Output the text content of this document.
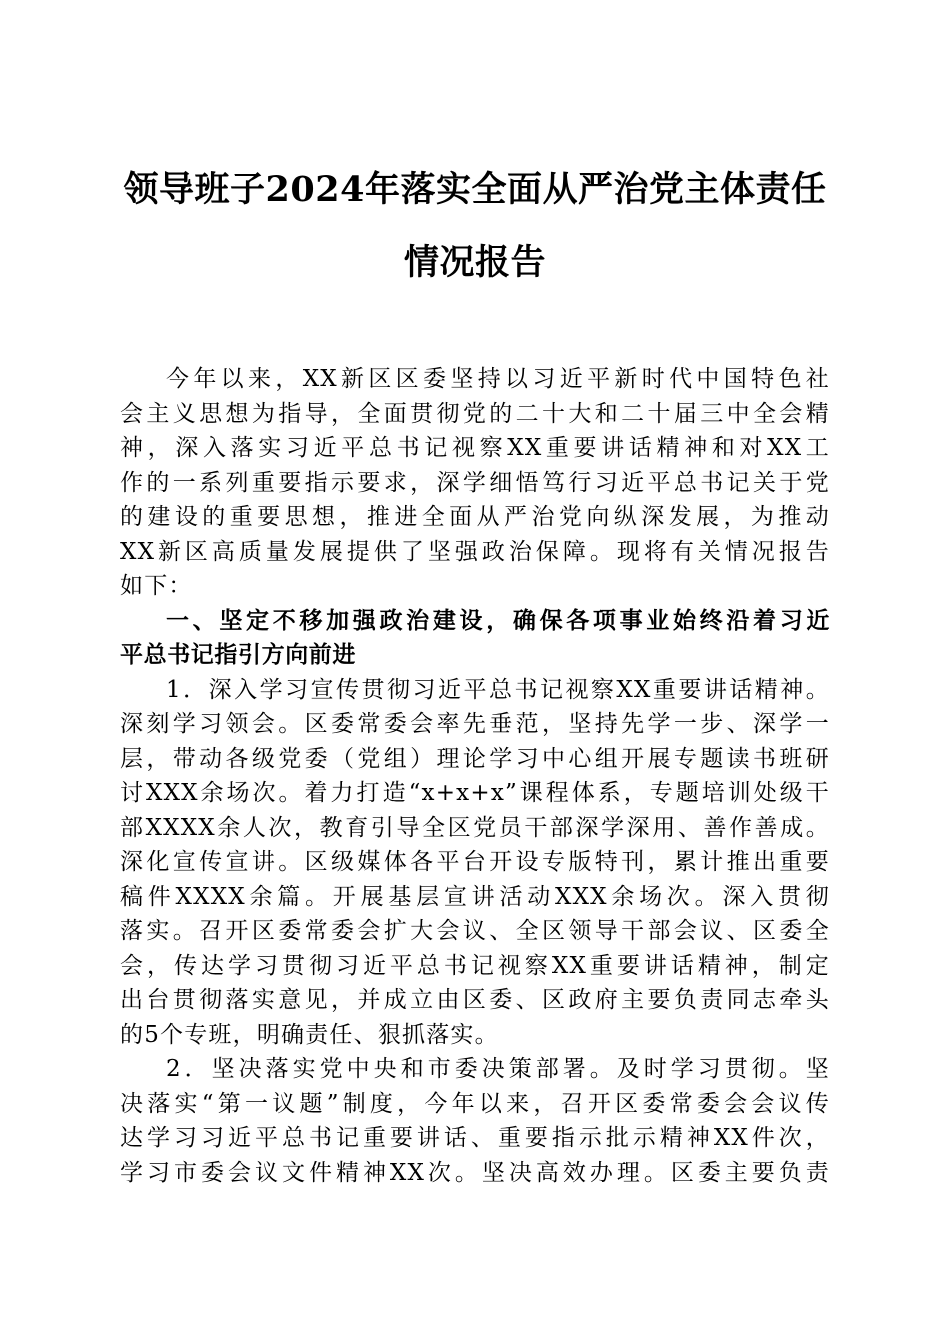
领导班子2024年落实全面从严治党主体责任
情况报告
今年以来，XX新区区委坚持以习近平新时代中国特色社
会主义思想为指导，全面贯彻党的二十大和二十届三中全会精
神，深入落实习近平总书记视察XX重要讲话精神和对XX工
作的一系列重要指示要求，深学细悟笃行习近平总书记关于党
的建设的重要思想，推进全面从严治党向纵深发展，为推动
XX新区高质量发展提供了坚强政治保障。现将有关情况报告
如下：
一、坚定不移加强政治建设，确保各项事业始终沿着习近
平总书记指引方向前进
1．深入学习宣传贯彻习近平总书记视察XX重要讲话精神。
深刻学习领会。区委常委会率先垂范，坚持先学一步、深学一
层，带动各级党委（党组）理论学习中心组开展专题读书班研
讨XXX余场次。着力打造“x+x+x”课程体系，专题培训处级干
部XXXX余人次，教育引导全区党员干部深学深用、善作善成。
深化宣传宣讲。区级媒体各平台开设专版特刊，累计推出重要
稿件XXXX余篇。开展基层宣讲活动XXX余场次。深入贯彻
落实。召开区委常委会扩大会议、全区领导干部会议、区委全
会，传达学习贯彻习近平总书记视察XX重要讲话精神，制定
出台贯彻落实意见，并成立由区委、区政府主要负责同志牵头
的5个专班，明确责任、狠抓落实。
2．坚决落实党中央和市委决策部署。及时学习贯彻。坚
决落实“第一议题”制度，今年以来，召开区委常委会会议传
达学习习近平总书记重要讲话、重要指示批示精神XX件次，
学习市委会议文件精神XX次。坚决高效办理。区委主要负责
